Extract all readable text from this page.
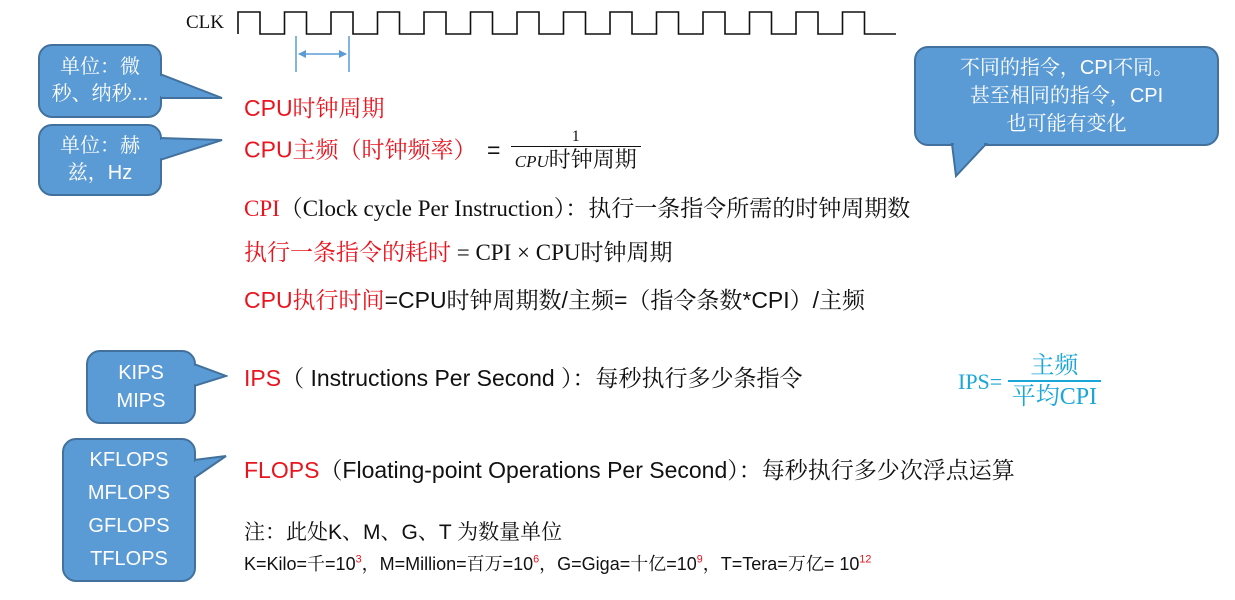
CLK
单位：微
秒、纳秒...
单位：赫
兹，Hz
不同的指令，CPI不同。
甚至相同的指令，CPI
也可能有变化
CPU时钟周期
CPU主频（时钟频率） = $\frac{1}{\text{CPU时钟周期}}$
CPI（Clock cycle Per Instruction）：执行一条指令所需的时钟周期数
执行一条指令的耗时 = CPI × CPU时钟周期
CPU执行时间=CPU时钟周期数/主频=（指令条数*CPI）/主频
KIPS
MIPS
IPS（ Instructions Per Second ）：每秒执行多少条指令	$IPS= \frac{\text{主频}}{\text{平均CPI}}$
KFLOPS
MFLOPS
GFLOPS
TFLOPS
FLOPS（Floating-point Operations Per Second）：每秒执行多少次浮点运算
注：此处K、M、G、T 为数量单位
K=Kilo=千$=10^3$，M=Million=百万$=10^6$，G=Giga=十亿$=10^9$，T=Tera=万亿= $10^{12}$
